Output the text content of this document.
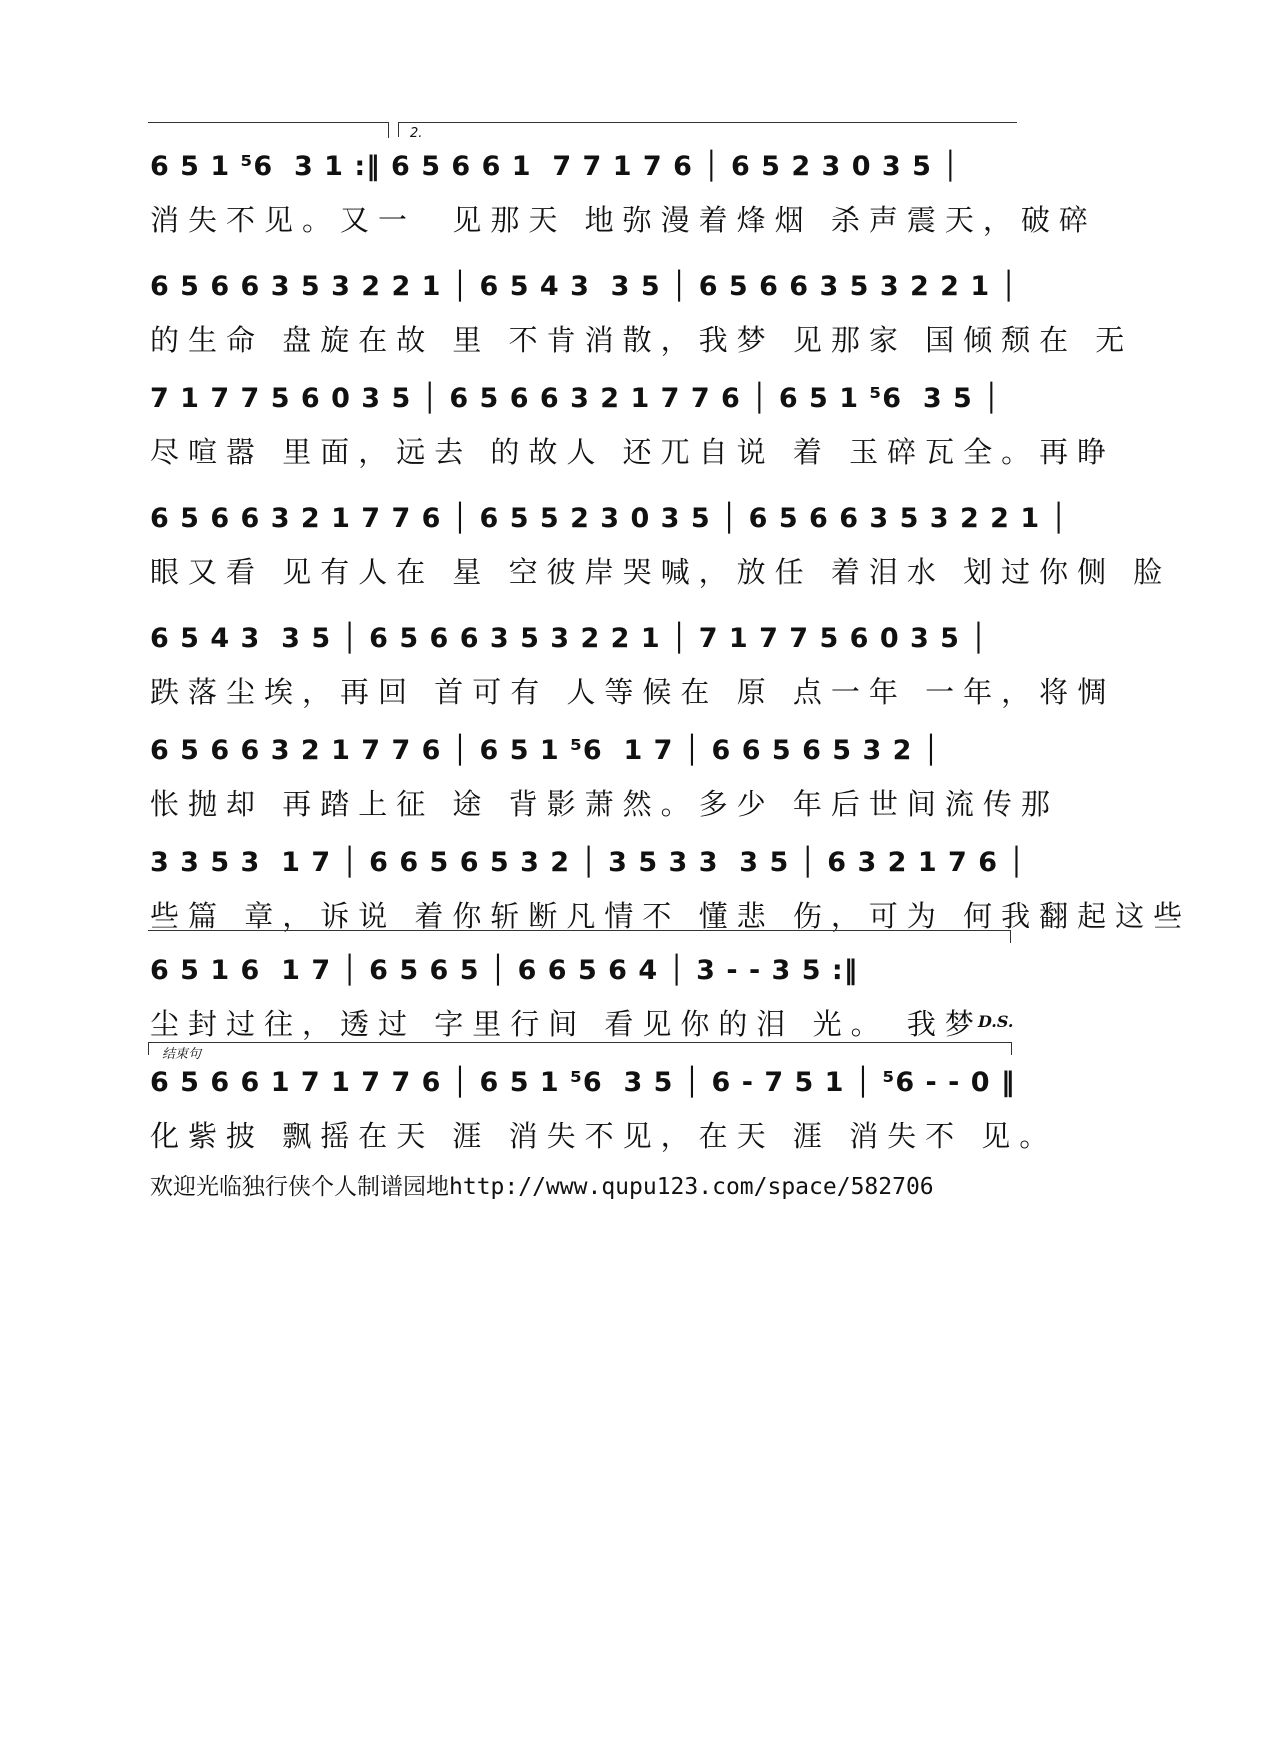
2.
6 5 1 ⁵6  3 1 :‖ 6 5 6 6 1  7 7 1 7 6 │ 6 5 2 3 0 3 5 │
消失不见。又一  见那天 地弥漫着烽烟 杀声震天，破碎
6 5 6 6 3 5 3 2 2 1 │ 6 5 4 3  3 5 │ 6 5 6 6 3 5 3 2 2 1 │
的生命 盘旋在故 里 不肯消散，我梦 见那家 国倾颓在 无
7 1 7 7 5 6 0 3 5 │ 6 5 6 6 3 2 1 7 7 6 │ 6 5 1 ⁵6  3 5 │
尽喧嚣 里面，远去 的故人 还兀自说 着 玉碎瓦全。再睁
6 5 6 6 3 2 1 7 7 6 │ 6 5 5 2 3 0 3 5 │ 6 5 6 6 3 5 3 2 2 1 │
眼又看 见有人在 星 空彼岸哭喊，放任 着泪水 划过你侧 脸
6 5 4 3  3 5 │ 6 5 6 6 3 5 3 2 2 1 │ 7 1 7 7 5 6 0 3 5 │
跌落尘埃，再回 首可有 人等候在 原 点一年 一年，将惆
6 5 6 6 3 2 1 7 7 6 │ 6 5 1 ⁵6  1 7 │ 6 6 5 6 5 3 2 │
怅抛却 再踏上征 途 背影萧然。多少 年后世间流传那
3 3 5 3  1 7 │ 6 6 5 6 5 3 2 │ 3 5 3 3  3 5 │ 6 3 2 1 7 6 │
些篇 章，诉说 着你斩断凡情不 懂悲 伤，可为 何我翻起这些
6 5 1 6  1 7 │ 6 5 6 5 │ 6 6 5 6 4 │ 3 - - 3 5 :‖
尘封过往，透过 字里行间 看见你的泪 光。 我梦
D.S.
结束句
6 5 6 6 1 7 1 7 7 6 │ 6 5 1 ⁵6  3 5 │ 6 - 7 5 1 │ ⁵6 - - 0 ‖
化紫披 飘摇在天 涯 消失不见，在天 涯 消失不 见。
欢迎光临独行侠个人制谱园地http://www.qupu123.com/space/582706
